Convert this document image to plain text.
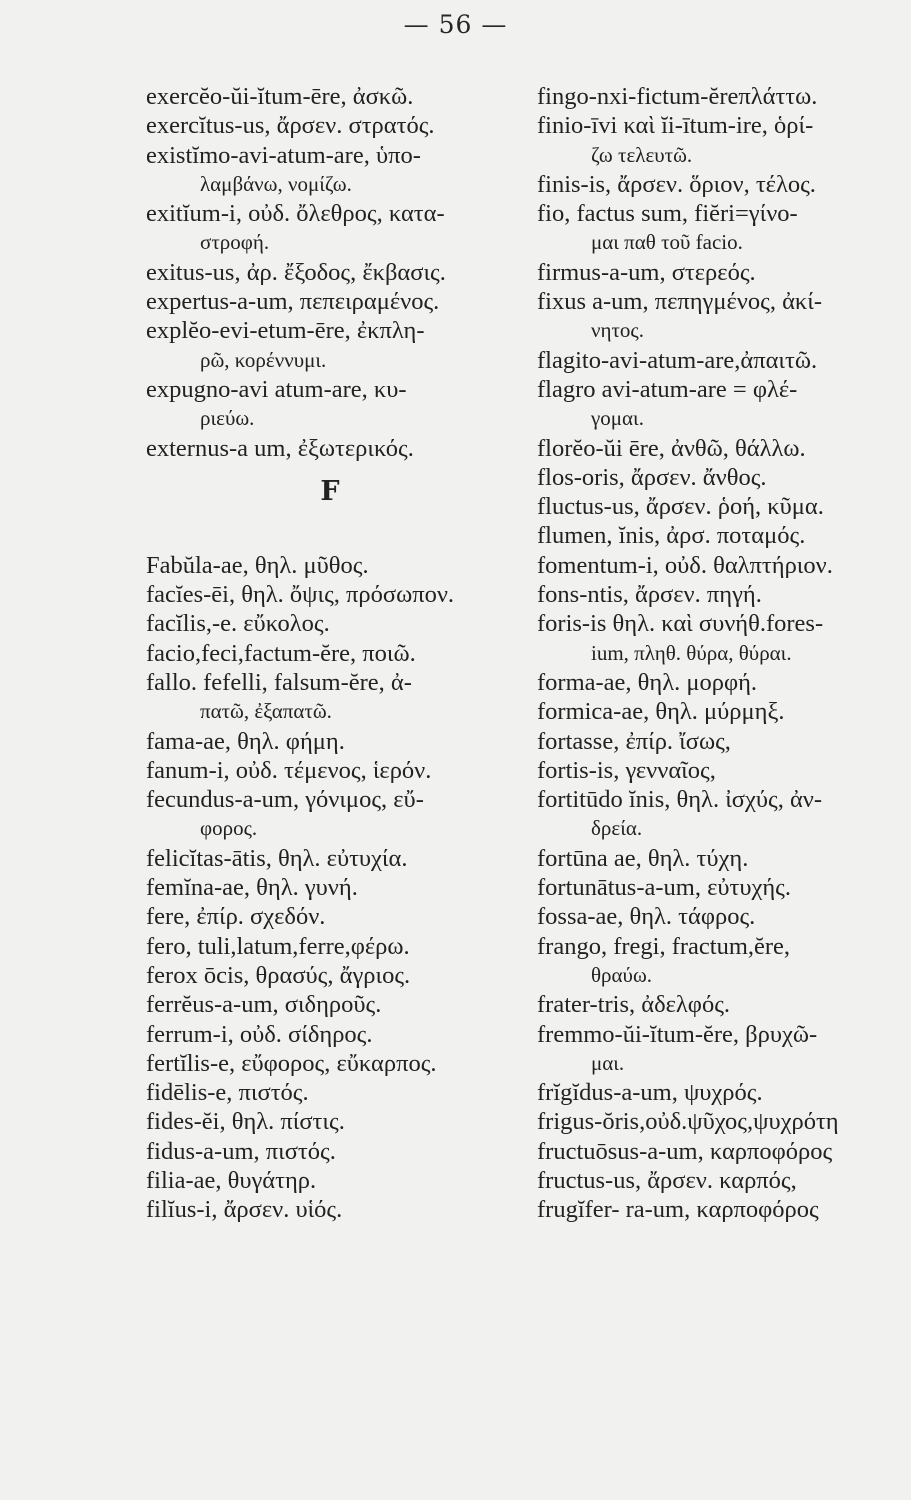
— 56 —
exercĕo-ŭi-ĭtum-ēre, ἀσκῶ.
exercĭtus-us, ἄρσεν. στρατός.
existĭmo-avi-atum-are, ὑπο-
λαμβάνω, νομίζω.
exitĭum-i, οὐδ. ὄλεθρος, κατα-
στροφή.
exitus-us, ἀρ. ἔξοδος, ἔκβασις.
expertus-a-um, πεπειραμένος.
explĕo-evi-etum-ēre, ἐκπλη-
ρῶ, κορέννυμι.
expugno-avi atum-are, κυ-
ριεύω.
externus-a um, ἐξωτερικός.
F
Fabŭla-ae, θηλ. μῦθος.
facĭes-ēi, θηλ. ὄψις, πρόσωπον.
facĭlis,-e. εὔκολος.
facio,feci,factum-ĕre, ποιῶ.
fallo. fefelli, falsum-ĕre, ἀ-
πατῶ, ἐξαπατῶ.
fama-ae, θηλ. φήμη.
fanum-i, οὐδ. τέμενος, ἱερόν.
fecundus-a-um, γόνιμος, εὔ-
φορος.
felicĭtas-ātis, θηλ. εὐτυχία.
femĭna-ae, θηλ. γυνή.
fere, ἐπίρ. σχεδόν.
fero, tuli,latum,ferre,φέρω.
ferox ōcis, θρασύς, ἄγριος.
ferrĕus-a-um, σιδηροῦς.
ferrum-i, οὐδ. σίδηρος.
fertĭlis-e, εὔφορος, εὔκαρπος.
fidēlis-e, πιστός.
fides-ĕi, θηλ. πίστις.
fidus-a-um, πιστός.
filia-ae, θυγάτηρ.
filĭus-i, ἄρσεν. υἱός.
fingo-nxi-fictum-ĕreπλάττω.
finio-īvi καὶ ĭi-ītum-ire, ὁρί-
ζω τελευτῶ.
finis-is, ἄρσεν. ὅριον, τέλος.
fio, factus sum, fiĕri=γίνο-
μαι παθ τοῦ facio.
firmus-a-um, στερεός.
fixus a-um, πεπηγμένος, ἀκί-
νητος.
flagito-avi-atum-are,ἀπαιτῶ.
flagro avi-atum-are = φλέ-
γομαι.
florĕo-ŭi ēre, ἀνθῶ, θάλλω.
flos-oris, ἄρσεν. ἄνθος.
fluctus-us, ἄρσεν. ῥοή, κῦμα.
flumen, ĭnis, ἀρσ. ποταμός.
fomentum-i, οὐδ. θαλπτήριον.
fons-ntis, ἄρσεν. πηγή.
foris-is θηλ. καὶ συνήθ.fores-
ium, πληθ. θύρα, θύραι.
forma-ae, θηλ. μορφή.
formica-ae, θηλ. μύρμηξ.
fortasse, ἐπίρ. ἴσως,
fortis-is, γενναῖος,
fortitūdo ĭnis, θηλ. ἰσχύς, ἀν-
δρεία.
fortūna ae, θηλ. τύχη.
fortunātus-a-um, εὐτυχής.
fossa-ae, θηλ. τάφρος.
frango, fregi, fractum,ĕre,
θραύω.
frater-tris, ἀδελφός.
fremmo-ŭi-ĭtum-ĕre, βρυχῶ-
μαι.
frĭgĭdus-a-um, ψυχρός.
frigus-ŏris,οὐδ.ψῦχος,ψυχρότη
fructuōsus-a-um, καρποφόρος
fructus-us, ἄρσεν. καρπός,
frugĭfer- ra-um, καρποφόρος
